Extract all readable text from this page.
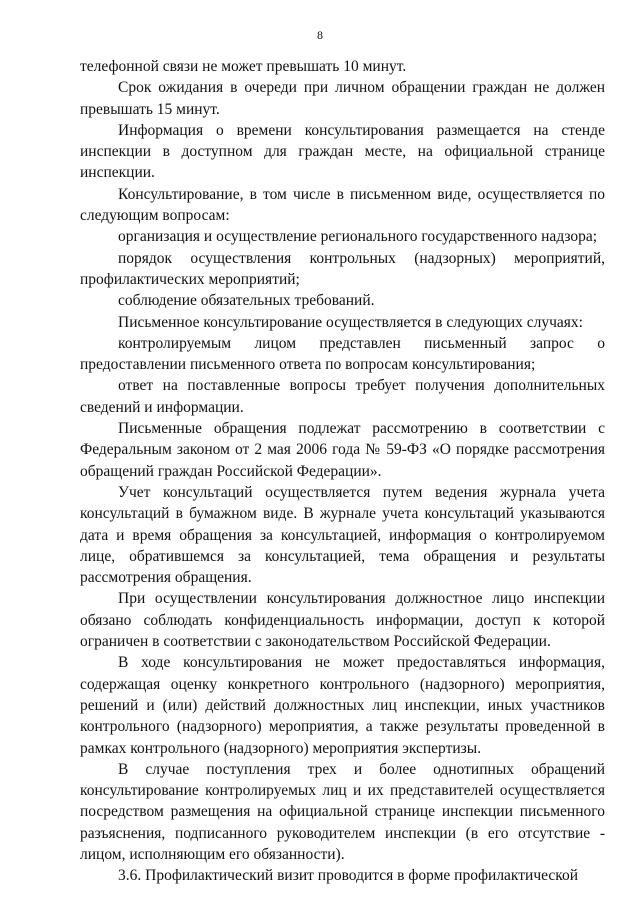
8

телефонной связи не может превышать 10 минут.

Срок ожидания в очереди при личном обращении граждан не должен превышать 15 минут.

Информация о времени консультирования размещается на стенде инспекции в доступном для граждан месте, на официальной странице инспекции.

Консультирование, в том числе в письменном виде, осуществляется по следующим вопросам:

организация и осуществление регионального государственного надзора;

порядок осуществления контрольных (надзорных) мероприятий, профилактических мероприятий;

соблюдение обязательных требований.

Письменное консультирование осуществляется в следующих случаях:

контролируемым лицом представлен письменный запрос о предоставлении письменного ответа по вопросам консультирования;

ответ на поставленные вопросы требует получения дополнительных сведений и информации.

Письменные обращения подлежат рассмотрению в соответствии с Федеральным законом от 2 мая 2006 года № 59-ФЗ «О порядке рассмотрения обращений граждан Российской Федерации».

Учет консультаций осуществляется путем ведения журнала учета консультаций в бумажном виде. В журнале учета консультаций указываются дата и время обращения за консультацией, информация о контролируемом лице, обратившемся за консультацией, тема обращения и результаты рассмотрения обращения.

При осуществлении консультирования должностное лицо инспекции обязано соблюдать конфиденциальность информации, доступ к которой ограничен в соответствии с законодательством Российской Федерации.

В ходе консультирования не может предоставляться информация, содержащая оценку конкретного контрольного (надзорного) мероприятия, решений и (или) действий должностных лиц инспекции, иных участников контрольного (надзорного) мероприятия, а также результаты проведенной в рамках контрольного (надзорного) мероприятия экспертизы.

В случае поступления трех и более однотипных обращений консультирование контролируемых лиц и их представителей осуществляется посредством размещения на официальной странице инспекции письменного разъяснения, подписанного руководителем инспекции (в его отсутствие - лицом, исполняющим его обязанности).

3.6. Профилактический визит проводится в форме профилактической
